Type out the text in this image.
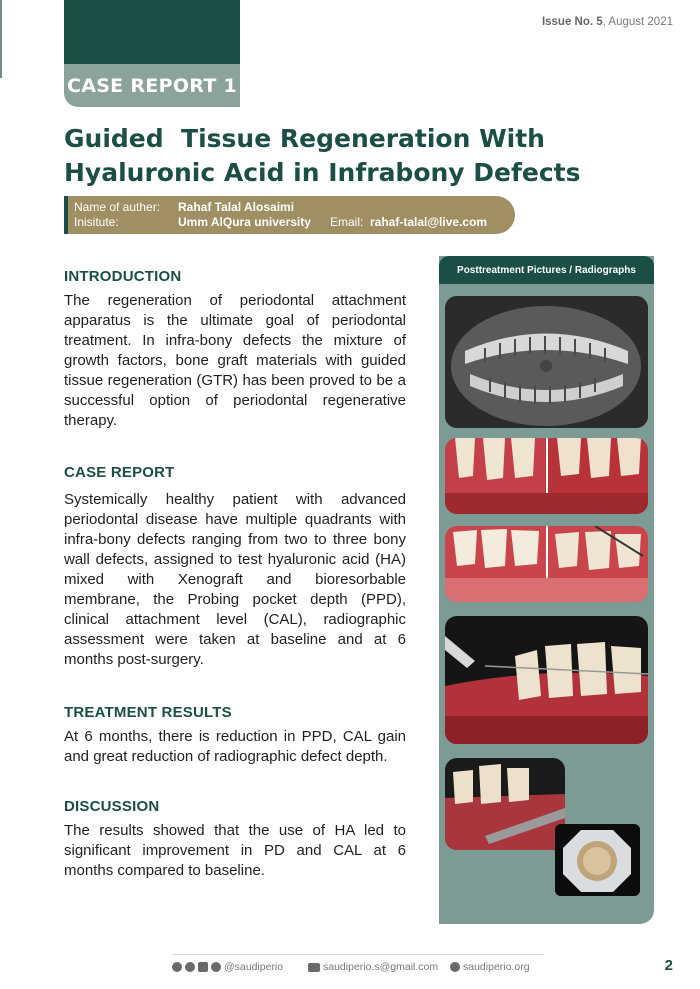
CASE REPORT 1
Issue No. 5, August 2021
Guided  Tissue Regeneration With
Hyaluronic Acid in Infrabony Defects
Name of auther: Rahaf Talal Alosaimi
Inisitute:	Umm AlQura university Email: rahaf-talal@live.com
INTRODUCTION
The regeneration of periodontal attachment apparatus is the ultimate goal of periodontal treatment. In infra-bony defects the mixture of growth factors, bone graft materials with guided tissue regeneration (GTR) has been proved to be a successful option of periodontal regenerative therapy.
CASE REPORT
Systemically healthy patient with advanced periodontal disease have multiple quadrants with infra-bony defects ranging from two to three bony wall defects, assigned to test hyaluronic acid (HA) mixed with Xenograft and bioresorbable membrane, the Probing pocket depth (PPD), clinical attachment level (CAL), radiographic assessment were taken at baseline and at 6 months post-surgery.
TREATMENT RESULTS
At 6 months, there is reduction in PPD, CAL gain and great reduction of radiographic defect depth.
DISCUSSION
The results showed that the use of HA led to significant improvement in PD and CAL at 6 months compared to baseline.
Posttreatment Pictures / Radiographs
@saudiperio	saudiperio.s@gmail.com saudiperio.org	2
